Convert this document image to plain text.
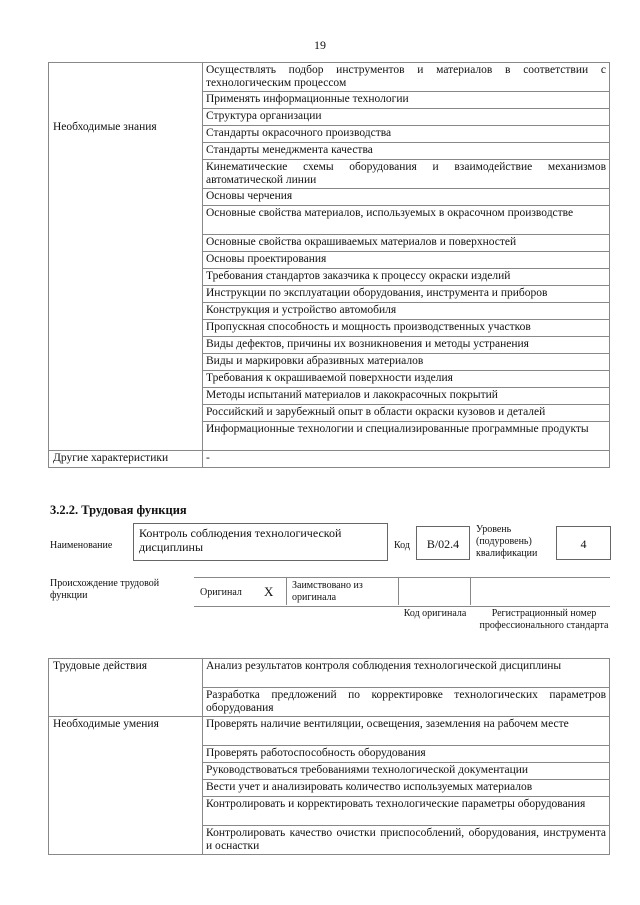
19
Необходимые знания	Осуществлять подбор инструментов и материалов в соответствии с технологическим процессом
	Применять информационные технологии
	Структура организации
	Стандарты окрасочного производства
	Стандарты менеджмента качества
	Кинематические схемы оборудования и взаимодействие механизмов автоматической линии
	Основы черчения
	Основные свойства материалов, используемых в окрасочном производстве
	Основные свойства окрашиваемых материалов и поверхностей
	Основы проектирования
	Требования стандартов заказчика к процессу окраски изделий
	Инструкции по эксплуатации оборудования, инструмента и приборов
	Конструкция и устройство автомобиля
	Пропускная способность и мощность производственных участков
	Виды дефектов, причины их возникновения и методы устранения
	Виды и маркировки абразивных материалов
	Требования к окрашиваемой поверхности изделия
	Методы испытаний материалов и лакокрасочных покрытий
	Российский и зарубежный опыт в области окраски кузовов и деталей
	Информационные технологии и специализированные программные продукты
Другие характеристики	-
3.2.2. Трудовая функция
Наименование
Контроль соблюдения технологической дисциплины	Код	B/02.4
Уровень (подуровень) квалификации
4
Происхождение трудовой функции	Оригинал X Заимствовано из оригинала
Код оригинала	Регистрационный номер профессионального стандарта
Трудовые действия	Анализ результатов контроля соблюдения технологической дисциплины
	Разработка предложений по корректировке технологических параметров оборудования
Необходимые умения	Проверять наличие вентиляции, освещения, заземления на рабочем месте
	Проверять работоспособность оборудования
	Руководствоваться требованиями технологической документации
	Вести учет и анализировать количество используемых материалов
	Контролировать и корректировать технологические параметры оборудования
	Контролировать качество очистки приспособлений, оборудования, инструмента и оснастки
